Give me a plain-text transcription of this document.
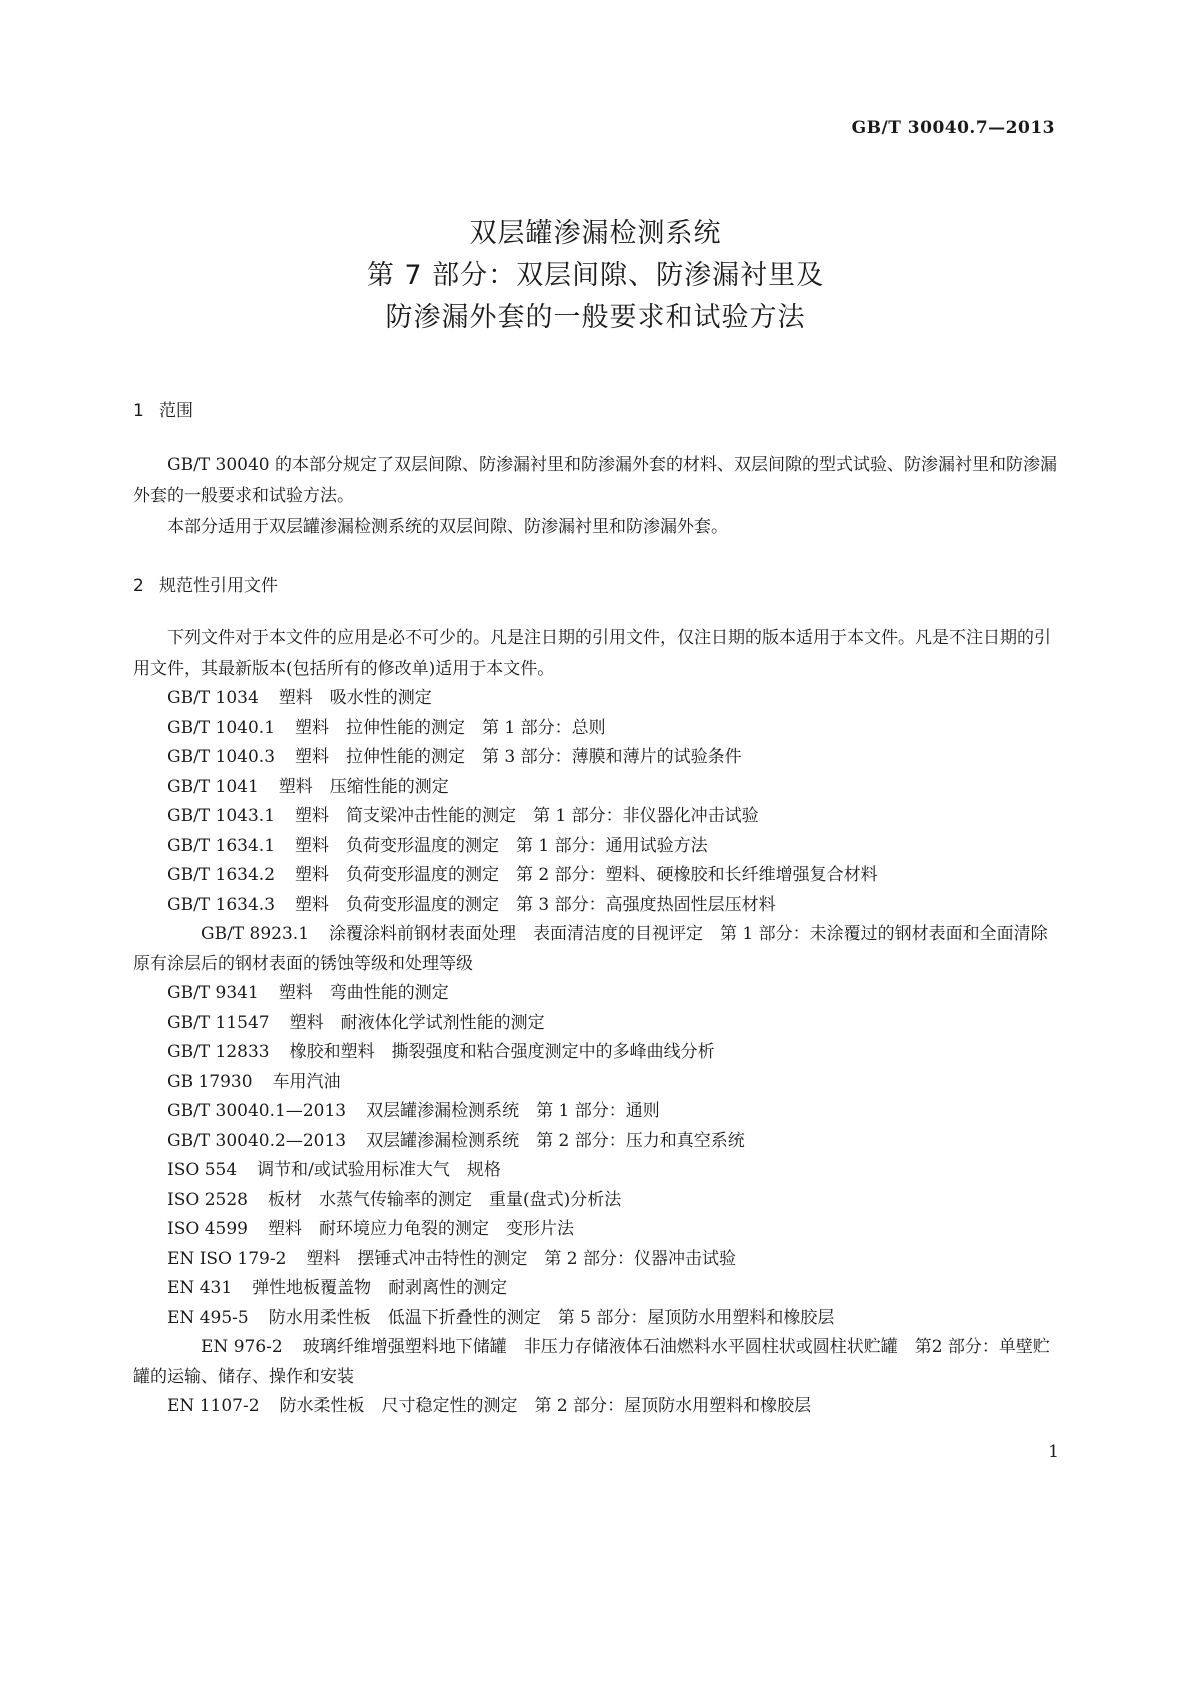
GB/T 30040.7—2013
双层罐渗漏检测系统
第 7 部分：双层间隙、防渗漏衬里及
防渗漏外套的一般要求和试验方法
1 范围

GB/T 30040 的本部分规定了双层间隙、防渗漏衬里和防渗漏外套的材料、双层间隙的型式试验、防渗漏衬里和防渗漏外套的一般要求和试验方法。

本部分适用于双层罐渗漏检测系统的双层间隙、防渗漏衬里和防渗漏外套。

2 规范性引用文件

下列文件对于本文件的应用是必不可少的。凡是注日期的引用文件，仅注日期的版本适用于本文件。凡是不注日期的引用文件，其最新版本(包括所有的修改单)适用于本文件。

GB/T 1034 塑料　吸水性的测定
GB/T 1040.1 塑料　拉伸性能的测定　第 1 部分：总则
GB/T 1040.3 塑料　拉伸性能的测定　第 3 部分：薄膜和薄片的试验条件
GB/T 1041 塑料　压缩性能的测定
GB/T 1043.1 塑料　简支梁冲击性能的测定　第 1 部分：非仪器化冲击试验
GB/T 1634.1 塑料　负荷变形温度的测定　第 1 部分：通用试验方法
GB/T 1634.2 塑料　负荷变形温度的测定　第 2 部分：塑料、硬橡胶和长纤维增强复合材料
GB/T 1634.3 塑料　负荷变形温度的测定　第 3 部分：高强度热固性层压材料
GB/T 8923.1 涂覆涂料前钢材表面处理　表面清洁度的目视评定　第 1 部分：未涂覆过的钢材表面和全面清除原有涂层后的钢材表面的锈蚀等级和处理等级
GB/T 9341 塑料　弯曲性能的测定
GB/T 11547 塑料　耐液体化学试剂性能的测定
GB/T 12833 橡胶和塑料　撕裂强度和粘合强度测定中的多峰曲线分析
GB 17930 车用汽油
GB/T 30040.1—2013 双层罐渗漏检测系统　第 1 部分：通则
GB/T 30040.2—2013 双层罐渗漏检测系统　第 2 部分：压力和真空系统
ISO 554 调节和/或试验用标准大气　规格
ISO 2528 板材　水蒸气传输率的测定　重量(盘式)分析法
ISO 4599 塑料　耐环境应力龟裂的测定　变形片法
EN ISO 179-2 塑料　摆锤式冲击特性的测定　第 2 部分：仪器冲击试验
EN 431 弹性地板覆盖物　耐剥离性的测定
EN 495-5 防水用柔性板　低温下折叠性的测定　第 5 部分：屋顶防水用塑料和橡胶层
EN 976-2 玻璃纤维增强塑料地下储罐　非压力存储液体石油燃料水平圆柱状或圆柱状贮罐　第2 部分：单壁贮罐的运输、储存、操作和安装
EN 1107-2 防水柔性板　尺寸稳定性的测定　第 2 部分：屋顶防水用塑料和橡胶层
1
